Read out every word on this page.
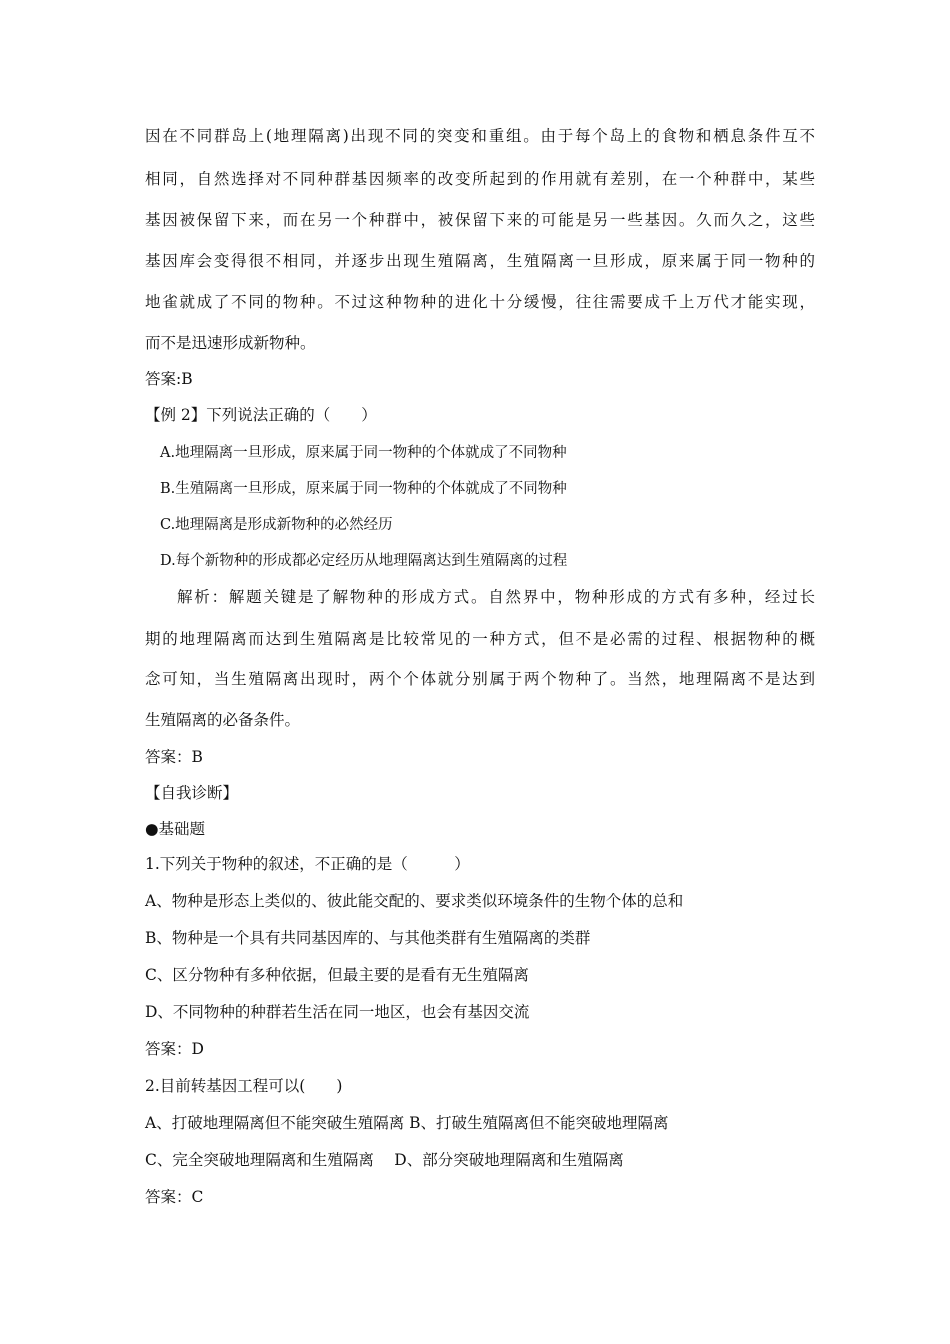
因在不同群岛上(地理隔离)出现不同的突变和重组。由于每个岛上的食物和栖息条件互不
相同，自然选择对不同种群基因频率的改变所起到的作用就有差别，在一个种群中，某些
基因被保留下来，而在另一个种群中，被保留下来的可能是另一些基因。久而久之，这些
基因库会变得很不相同，并逐步出现生殖隔离，生殖隔离一旦形成，原来属于同一物种的
地雀就成了不同的物种。不过这种物种的进化十分缓慢，往往需要成千上万代才能实现，
而不是迅速形成新物种。
答案:B
【例 2】下列说法正确的（　　）
A.地理隔离一旦形成，原来属于同一物种的个体就成了不同物种
B.生殖隔离一旦形成，原来属于同一物种的个体就成了不同物种
C.地理隔离是形成新物种的必然经历
D.每个新物种的形成都必定经历从地理隔离达到生殖隔离的过程
解析：解题关键是了解物种的形成方式。自然界中，物种形成的方式有多种，经过长
期的地理隔离而达到生殖隔离是比较常见的一种方式，但不是必需的过程、根据物种的概
念可知，当生殖隔离出现时，两个个体就分别属于两个物种了。当然，地理隔离不是达到
生殖隔离的必备条件。
答案：B
【自我诊断】
●基础题
1.下列关于物种的叙述，不正确的是（　　　）
A、物种是形态上类似的、彼此能交配的、要求类似环境条件的生物个体的总和
B、物种是一个具有共同基因库的、与其他类群有生殖隔离的类群
C、区分物种有多种依据，但最主要的是看有无生殖隔离
D、不同物种的种群若生活在同一地区，也会有基因交流
答案：D
2.目前转基因工程可以(　　)
A、打破地理隔离但不能突破生殖隔离 B、打破生殖隔离但不能突破地理隔离
C、完全突破地理隔离和生殖隔离　 D、部分突破地理隔离和生殖隔离
答案：C
